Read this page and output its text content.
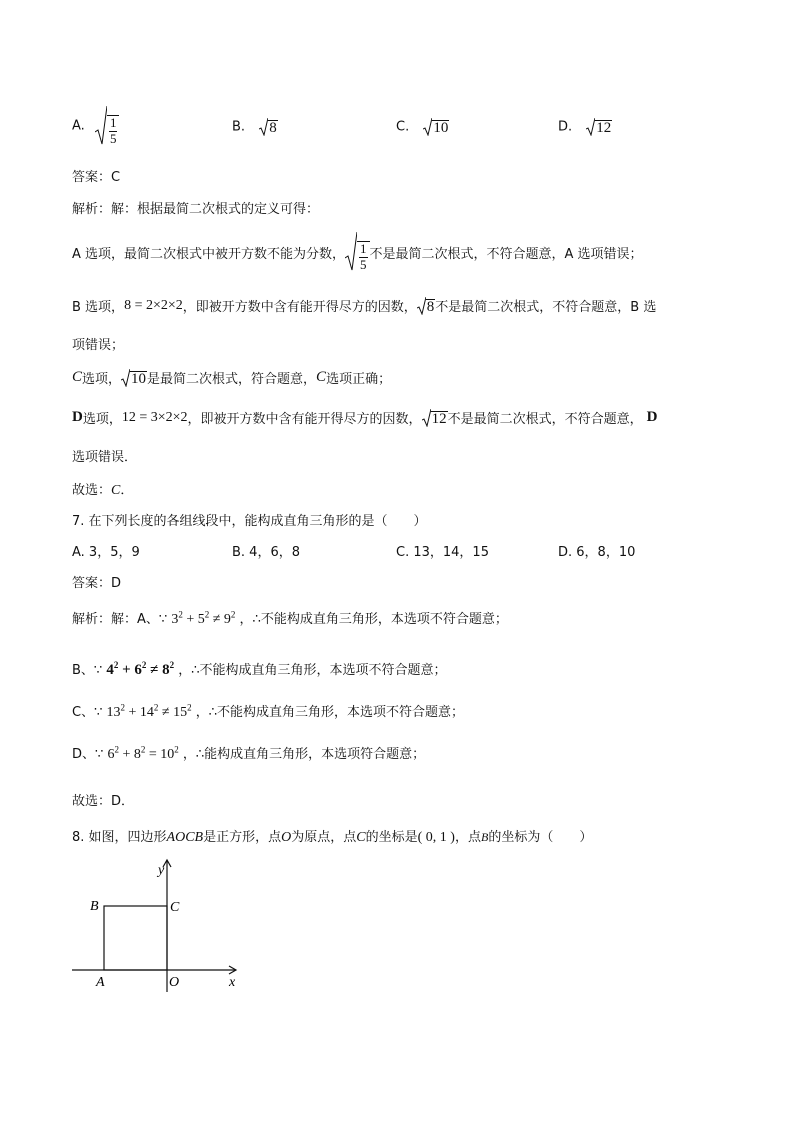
A. $\frac{1}{5}$	B. 8	C. 10	D. 12
答案：C
解析：解：根据最简二次根式的定义可得：
A 选项，最简二次根式中被开方数不能为分数， $\frac{1}{5}$ 不是最简二次根式，不符合题意，A 选项错误；
B 选项， 8 = 2×2×2 ，即被开方数中含有能开得尽方的因数， 8 不是最简二次根式，不符合题意，B 选
项错误；
C 选项， 10 是最简二次根式，符合题意， C 选项正确；
D 选项， 12 = 3×2×2 ，即被开方数中含有能开得尽方的因数， 12 不是最简二次根式，不符合题意， D
选项错误．
故选：C．
7. 在下列长度的各组线段中，能构成直角三角形的是（　　）
A. 3，5，9	B. 4，6，8	C. 13，14，15	D. 6，8，10
答案：D
解析：解：A、∵ $3^2 + 5^2 \ne 9^2$ ，∴不能构成直角三角形，本选项不符合题意；
B、∵ $4^2 + 6^2 \ne 8^2$ ，∴不能构成直角三角形，本选项不符合题意；
C、∵ $13^2 + 14^2 \ne 15^2$ ，∴不能构成直角三角形，本选项不符合题意；
D、∵ $6^2 + 8^2 = 10^2$ ，∴能构成直角三角形，本选项符合题意；
故选：D．
8. 如图，四边形AOCB是正方形，点O为原点，点C的坐标是( 0, 1 )，点B的坐标为（　　）
y
x
B	C
A	O
